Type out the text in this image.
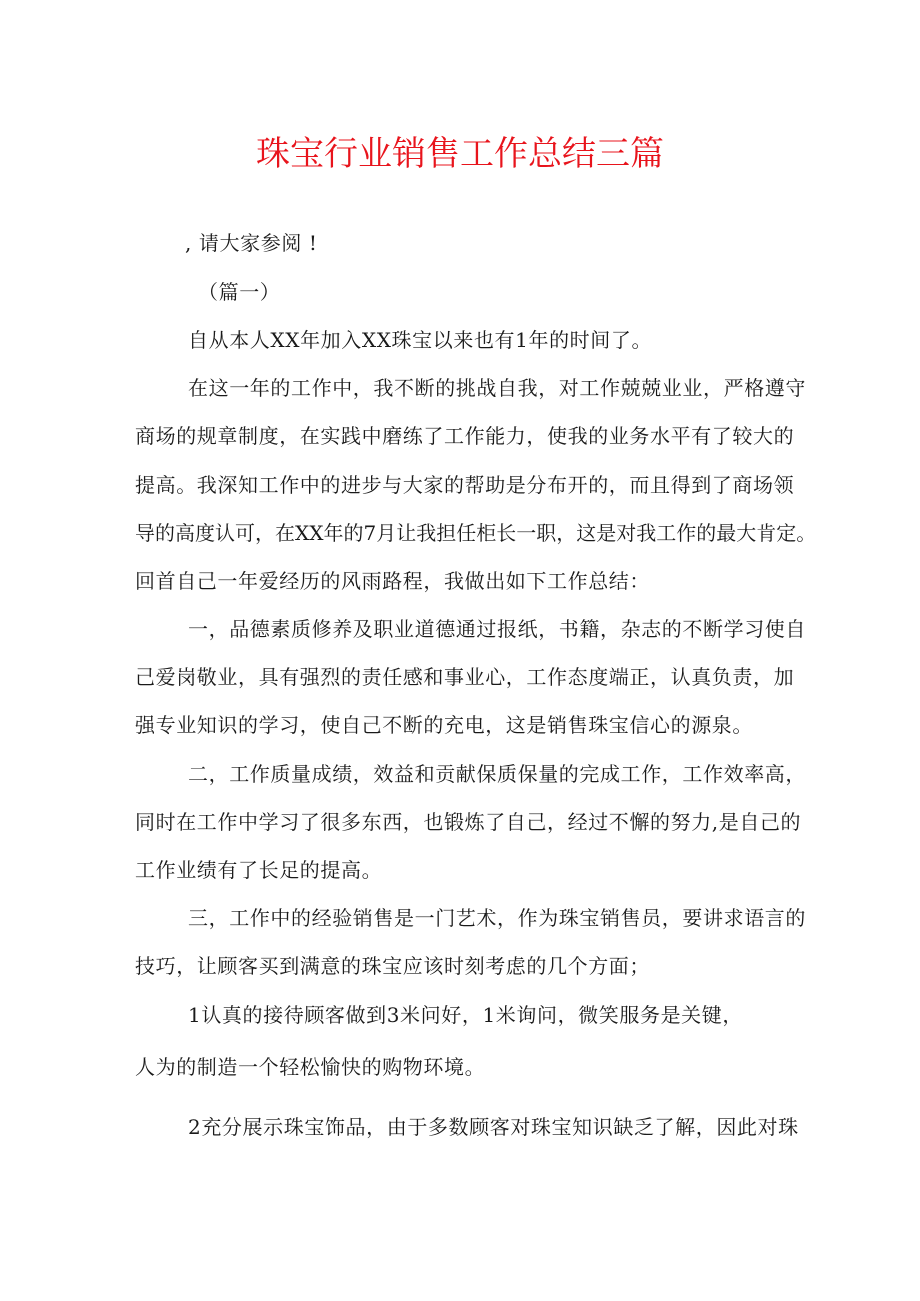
珠宝行业销售工作总结三篇
, 请大家参阅 !
（篇一）
自从本人XX年加入XX珠宝以来也有1年的时间了。
在这一年的工作中，我不断的挑战自我，对工作兢兢业业，严格遵守
商场的规章制度，在实践中磨练了工作能力，使我的业务水平有了较大的
提高。我深知工作中的进步与大家的帮助是分布开的，而且得到了商场领
导的高度认可，在XX年的7月让我担任柜长一职，这是对我工作的最大肯定。
回首自己一年爱经历的风雨路程，我做出如下工作总结：
一，品德素质修养及职业道德通过报纸，书籍，杂志的不断学习使自
己爱岗敬业，具有强烈的责任感和事业心，工作态度端正，认真负责，加
强专业知识的学习，使自己不断的充电，这是销售珠宝信心的源泉。
二，工作质量成绩，效益和贡献保质保量的完成工作，工作效率高，
同时在工作中学习了很多东西，也锻炼了自己，经过不懈的努力,是自己的
工作业绩有了长足的提高。
三，工作中的经验销售是一门艺术，作为珠宝销售员，要讲求语言的
技巧，让顾客买到满意的珠宝应该时刻考虑的几个方面；
1认真的接待顾客做到3米问好，1米询问，微笑服务是关键，
人为的制造一个轻松愉快的购物环境。
2充分展示珠宝饰品，由于多数顾客对珠宝知识缺乏了解，因此对珠
